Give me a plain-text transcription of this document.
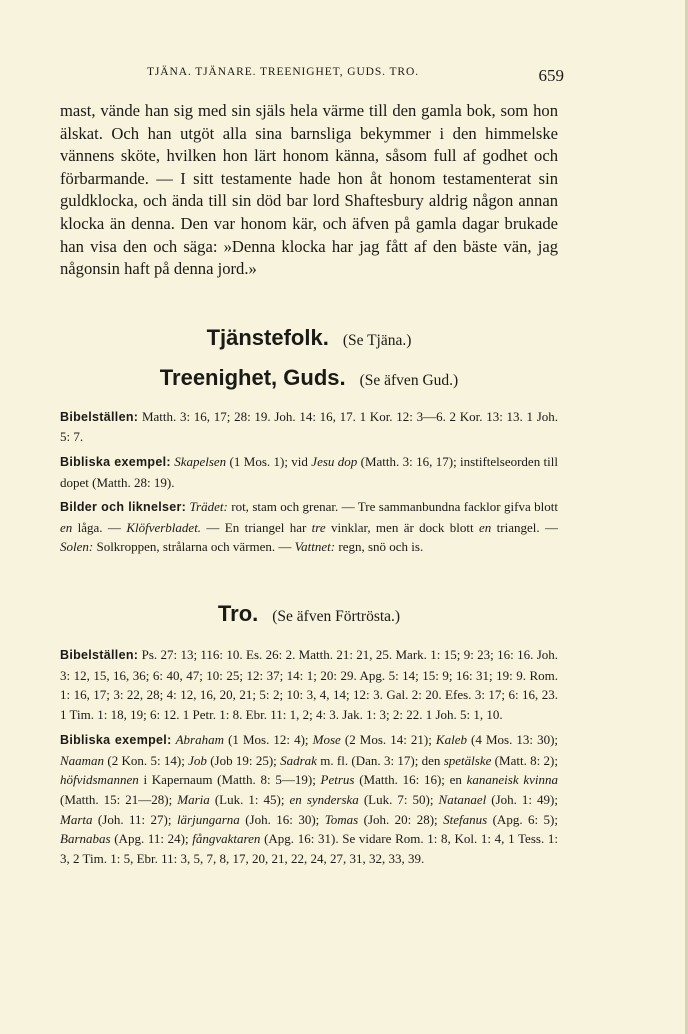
TJÄNA. TJÄNARE. TREENIGHET, GUDS. TRO.	659

mast, vände han sig med sin själs hela värme till den gamla bok, som hon älskat. Och han utgöt alla sina barnsliga bekymmer i den himmelske vännens sköte, hvilken hon lärt honom känna, såsom full af godhet och förbarmande. — I sitt testamente hade hon åt honom testamenterat sin guldklocka, och ända till sin död bar lord Shaftesbury aldrig någon annan klocka än denna. Den var honom kär, och äfven på gamla dagar brukade han visa den och säga: »Denna klocka har jag fått af den bäste vän, jag någonsin haft på denna jord.»

Tjänstefolk. (Se Tjäna.)
Treenighet, Guds. (Se äfven Gud.)

Bibelställen: Matth. 3: 16, 17; 28: 19. Joh. 14: 16, 17. 1 Kor. 12: 3—6. 2 Kor. 13: 13. 1 Joh. 5: 7.

Bibliska exempel: Skapelsen (1 Mos. 1); vid Jesu dop (Matth. 3: 16, 17); instiftelseorden till dopet (Matth. 28: 19).

Bilder och liknelser: Trädet: rot, stam och grenar. — Tre sammanbundna facklor gifva blott en låga. — Klöfverbladet. — En triangel har tre vinklar, men är dock blott en triangel. — Solen: Solkroppen, strålarna och värmen. — Vattnet: regn, snö och is.

Tro. (Se äfven Förtrösta.)

Bibelställen: Ps. 27: 13; 116: 10. Es. 26: 2. Matth. 21: 21, 25. Mark. 1: 15; 9: 23; 16: 16. Joh. 3: 12, 15, 16, 36; 6: 40, 47; 10: 25; 12: 37; 14: 1; 20: 29. Apg. 5: 14; 15: 9; 16: 31; 19: 9. Rom. 1: 16, 17; 3: 22, 28; 4: 12, 16, 20, 21; 5: 2; 10: 3, 4, 14; 12: 3. Gal. 2: 20. Efes. 3: 17; 6: 16, 23. 1 Tim. 1: 18, 19; 6: 12. 1 Petr. 1: 8. Ebr. 11: 1, 2; 4: 3. Jak. 1: 3; 2: 22. 1 Joh. 5: 1, 10.

Bibliska exempel: Abraham (1 Mos. 12: 4); Mose (2 Mos. 14: 21); Kaleb (4 Mos. 13: 30); Naaman (2 Kon. 5: 14); Job (Job 19: 25); Sadrak m. fl. (Dan. 3: 17); den spetälske (Matt. 8: 2); höfvidsmannen i Kapernaum (Matth. 8: 5—19); Petrus (Matth. 16: 16); en kananeisk kvinna (Matth. 15: 21—28); Maria (Luk. 1: 45); en synderska (Luk. 7: 50); Natanael (Joh. 1: 49); Marta (Joh. 11: 27); lärjungarna (Joh. 16: 30); Tomas (Joh. 20: 28); Stefanus (Apg. 6: 5); Barnabas (Apg. 11: 24); fångvaktaren (Apg. 16: 31). Se vidare Rom. 1: 8, Kol. 1: 4, 1 Tess. 1: 3, 2 Tim. 1: 5, Ebr. 11: 3, 5, 7, 8, 17, 20, 21, 22, 24, 27, 31, 32, 33, 39.
